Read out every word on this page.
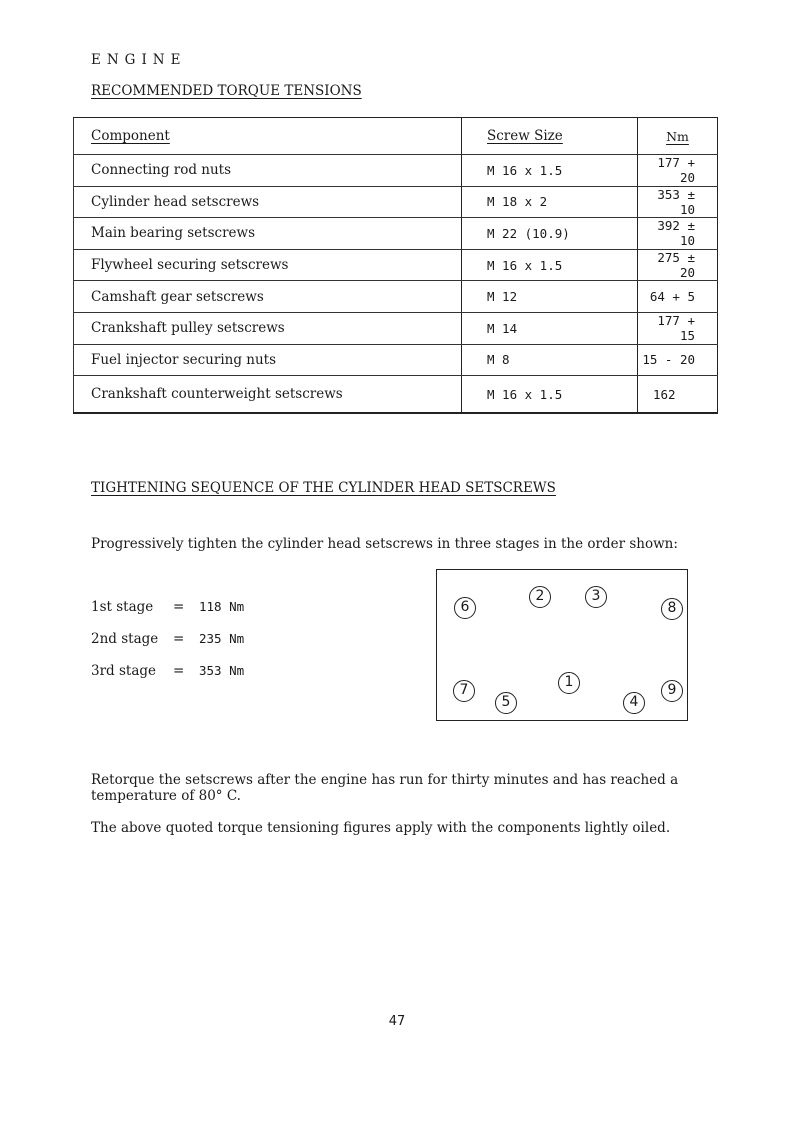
ENGINE
RECOMMENDED TORQUE TENSIONS
Component	Screw Size	Nm
Connecting rod nuts	M 16 x 1.5	177 + 20
Cylinder head setscrews	M 18 x 2	353 ± 10
Main bearing setscrews	M 22 (10.9)	392 ± 10
Flywheel securing setscrews	M 16 x 1.5	275 ± 20
Camshaft gear setscrews	M 12	64 + 5
Crankshaft pulley setscrews	M 14	177 + 15
Fuel injector securing nuts	M 8	15 - 20
Crankshaft counterweight setscrews	M 16 x 1.5	162
TIGHTENING SEQUENCE OF THE CYLINDER HEAD SETSCREWS
Progressively tighten the cylinder head setscrews in three stages in the order shown:
1st stage = 118 Nm
2nd stage = 235 Nm
3rd stage = 353 Nm
6
2	3
8
1
7
5	4
9
Retorque the setscrews after the engine has run for thirty minutes and has reached a temperature of 80° C.
The above quoted torque tensioning figures apply with the components lightly oiled.
47
